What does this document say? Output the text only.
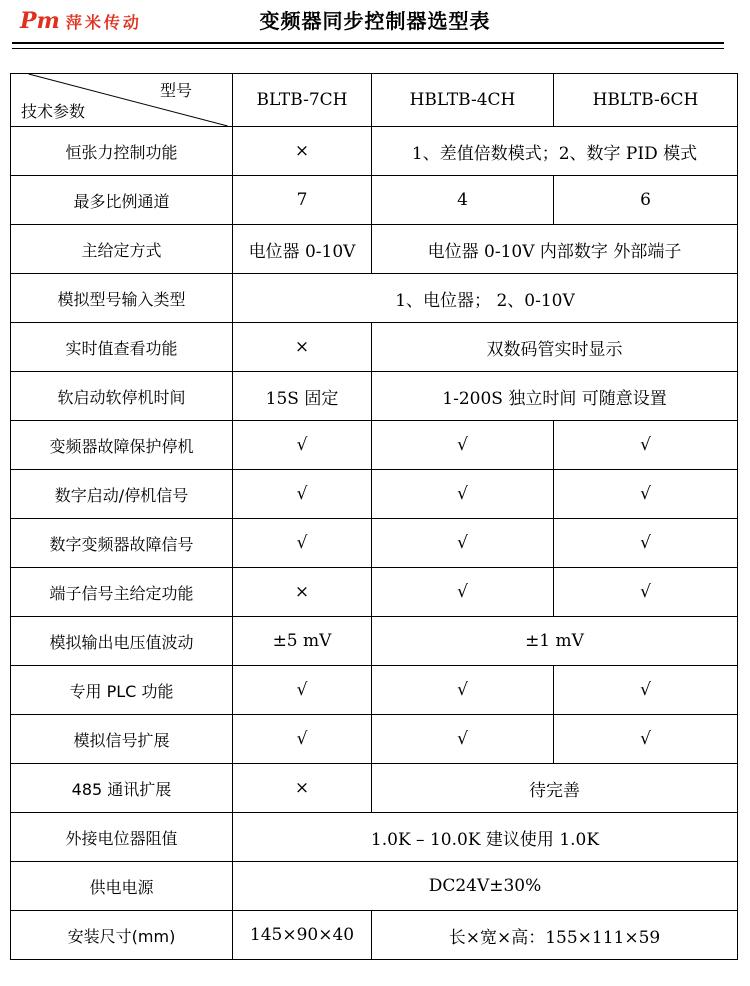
Pm 萍米传动	变频器同步控制器选型表
型号
技术参数	BLTB-7CH	HBLTB-4CH	HBLTB-6CH
恒张力控制功能	×	1、差值倍数模式；2、数字 PID 模式	
最多比例通道	7	4	6
主给定方式	电位器 0-10V	电位器 0-10V 内部数字 外部端子	
模拟型号输入类型	1、电位器； 2、0-10V		
实时值查看功能	×	双数码管实时显示	
软启动软停机时间	15S 固定	1-200S 独立时间 可随意设置	
变频器故障保护停机	√	√	√
数字启动/停机信号	√	√	√
数字变频器故障信号	√	√	√
端子信号主给定功能	×	√	√
模拟输出电压值波动	±5 mV	±1 mV	
专用 PLC 功能	√	√	√
模拟信号扩展	√	√	√
485 通讯扩展	×	待完善	
外接电位器阻值	1.0K – 10.0K 建议使用 1.0K		
供电电源	DC24V±30%		
安装尺寸(mm)	145×90×40	长×宽×高：155×111×59	
